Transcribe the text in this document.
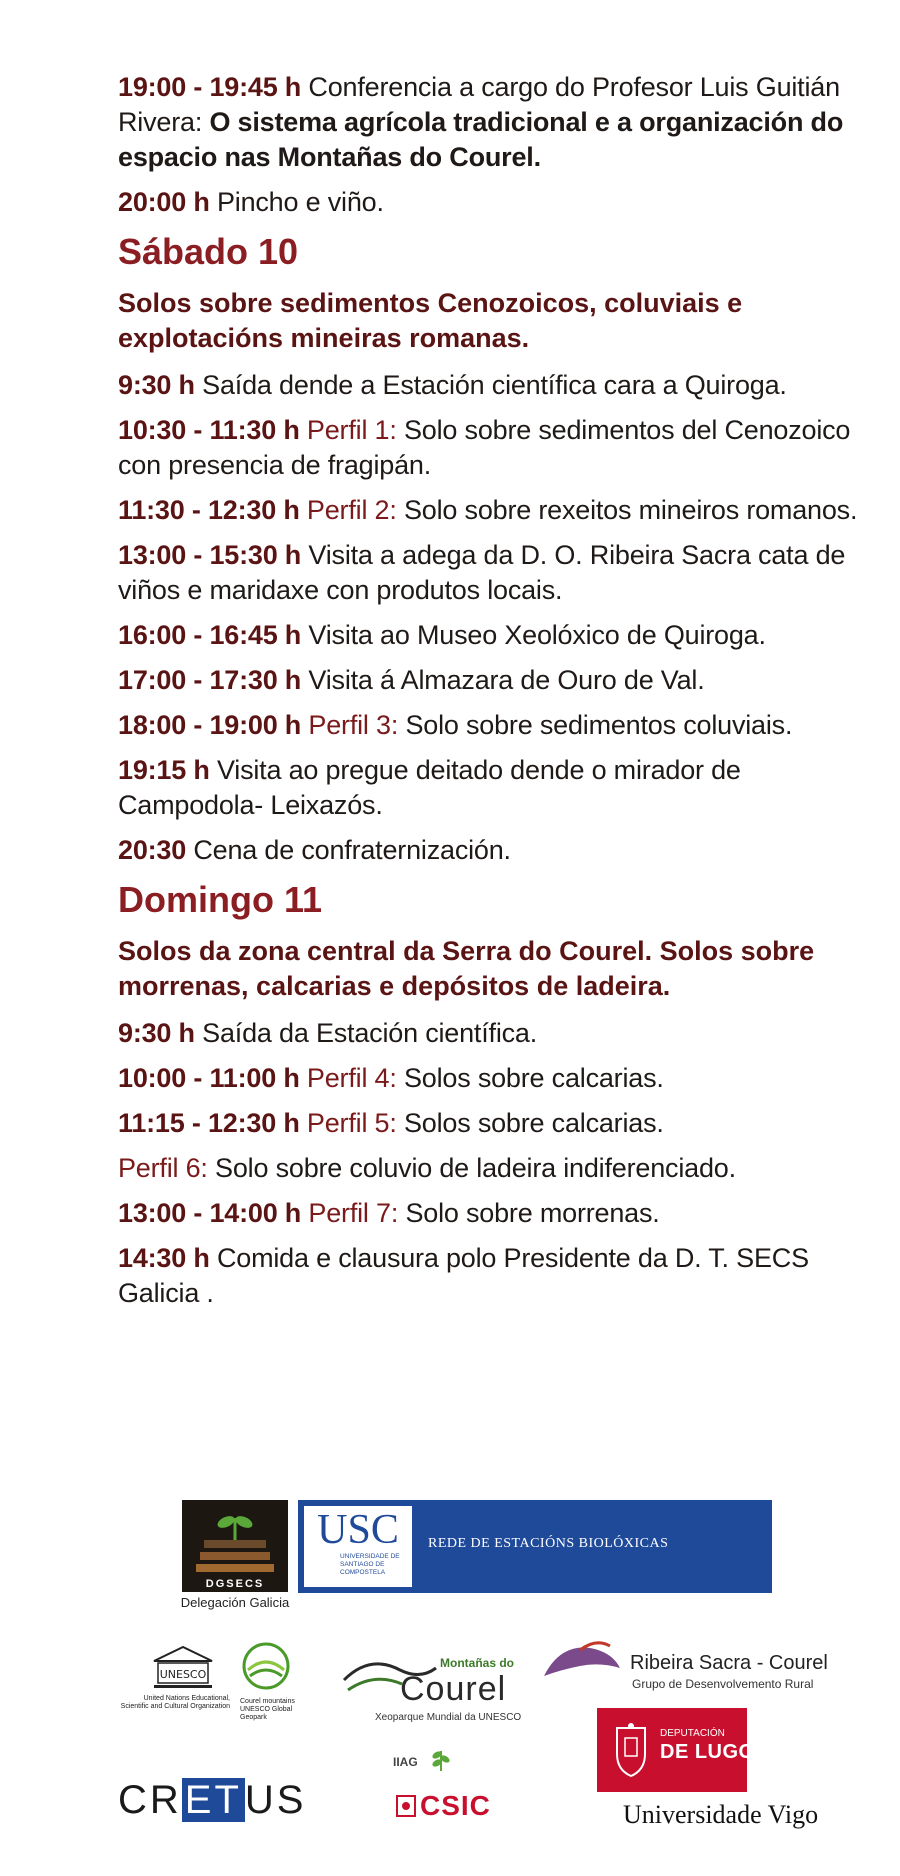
19:00 - 19:45 h Conferencia a cargo do Profesor Luis Guitián Rivera: O sistema agrícola tradicional e a organización do espacio nas Montañas do Courel.

20:00 h Pincho e viño.

Sábado 10
Solos sobre sedimentos Cenozoicos, coluviais e explotacións mineiras romanas.

9:30 h Saída dende a Estación científica cara a Quiroga.

10:30 - 11:30 h Perfil 1: Solo sobre sedimentos del Cenozoico con presencia de fragipán.

11:30 - 12:30 h Perfil 2: Solo sobre rexeitos mineiros romanos.

13:00 - 15:30 h Visita a adega da D. O. Ribeira Sacra cata de viños e maridaxe con produtos locais.

16:00 - 16:45 h Visita ao Museo Xeolóxico de Quiroga.

17:00 - 17:30 h Visita á Almazara de Ouro de Val.

18:00 - 19:00 h Perfil 3: Solo sobre sedimentos coluviais.

19:15 h Visita ao pregue deitado dende o mirador de Campodola- Leixazós.

20:30 Cena de confraternización.

Domingo 11
Solos da zona central da Serra do Courel. Solos sobre morrenas, calcarias e depósitos de ladeira.

9:30 h Saída da Estación científica.

10:00 - 11:00 h Perfil 4: Solos sobre calcarias.

11:15 - 12:30 h Perfil 5: Solos sobre calcarias.

Perfil 6: Solo sobre coluvio de ladeira indiferenciado.

13:00 - 14:00 h Perfil 7: Solo sobre morrenas.

14:30 h Comida e clausura polo Presidente da D. T. SECS Galicia .

DGSECS
Delegación Galicia
USC
UNIVERSIDADE DE SANTIAGO DE COMPOSTELA
REDE DE ESTACIÓNS BIOLÓXICAS
UNESCO
United Nations Educational, Scientific and Cultural Organization
Courel mountains UNESCO Global Geopark
Montañas do
Courel
Xeoparque Mundial da UNESCO
Ribeira Sacra - Courel
Grupo de Desenvolvemento Rural
DEPUTACIÓN
DE LUGO
IIAG
CSIC
CRETUS	Universidade Vigo
